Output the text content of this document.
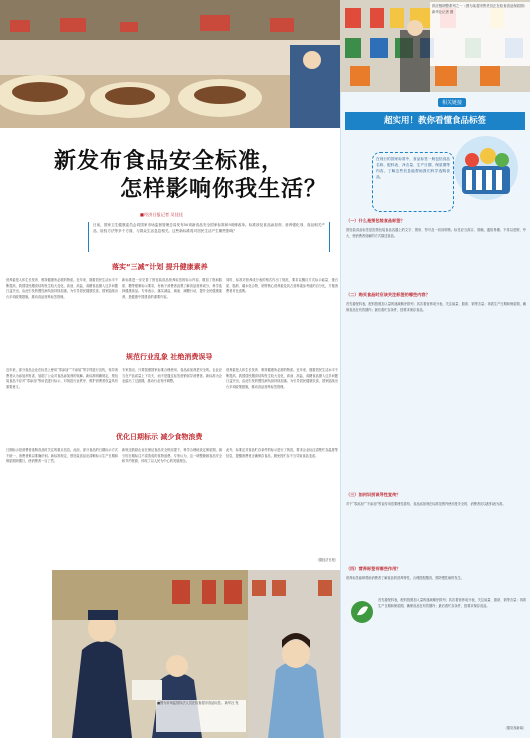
供应链调整系列之一（图为某超市售货员正在检查食品保质期）
新华社记者 摄
新发布食品安全标准，
怎样影响你我生活？
■经济日报记者 吴佳佳
日前，国家卫生健康委员会同国家市场监督管理总局发布50项新食品安全国家标准和9项修改单。标准涉及食品添加剂、营养强化剂、食品相关产品、检验方法等多个方面，与群众生活息息相关。这些新标准将对居民生活产生哪些影响？
落实“三减”计划 提升健康素养
营养素是人体生长发育、维持健康所必需的物质。近年来，随着居民生活水平不断提高，我国居民膳食结构发生较大变化，高油、高盐、高糖食品摄入过多问题日益突出，由此引发的慢性病负担持续加重。为引导居民健康饮食，国家陆续出台多项政策措施，推动食品营养标签管理。
新标准进一步完善了预包装食品营养标签的标示内容，增加了饱和脂肪、糖等强制标示要求，有助于消费者直观了解食品营养成分，科学选择健康食品。专家表示，落实减盐、减油、减糖行动，提升全民健康素养，是健康中国建设的重要内容。
同时，标准对营养成分表的格式作出了规范，要求以醒目方式标示能量、蛋白质、脂肪、碳水化合物、钠等核心营养素及其占营养素参考值的百分比，方便消费者对比选购。
规范行业乱象 社绝消费误导
近年来，部分食品企业在标签上使用“零添加”“不添加“等字样进行宣传，误导消费者认为添加剂有害，加剧了公众对食品添加剂的误解。新标准明确规定，预包装食品不应对“零添加”等用语进行标示，对规范行业秩序、维护消费者权益具有重要意义。
专家指出，只要按照国家标准合理使用，食品添加剂是安全的。企业应当在产品质量上下功夫，而不是通过标签营销误导消费者。新标准为企业留出了过渡期，推动行业有序调整。
营养素是人体生长发育、维持健康所必需的物质。近年来，随着居民生活水平不断提高，我国居民膳食结构发生较大变化，高油、高盐、高糖食品摄入过多问题日益突出，由此引发的慢性病负担持续加重。为引导居民健康饮食，国家陆续出台多项政策措施，推动食品营养标签管理。
优化日期标示 减少食物浪费
日期标示是消费者选购食品时关注的重点信息。此前，部分食品的日期标示方式不统一，消费者难以准确识别。新标准规定，预包装食品应清晰标示生产日期和保质期到期日，使消费者一目了然。
新规还鼓励企业在保证食品安全的前提下，科学合理地设定保质期，减少因日期标注不清造成的食物浪费。专家认为，这一调整兼顾食品安全和节约资源，体现了以人民为中心的发展理念。
此外，标准还对食品贮存条件的标示进行了规范，要求企业标注清楚贮存温度等信息，提醒消费者正确保存食品，避免因贮存不当导致食品变质。
（据经济日报）
■图为市场监管执法人员在检查超市食品标签。 新华社 发
相关链接
超实用！教你看懂食品标签
在现行的国家标准中，食品标签一般包括食品名称、配料表、净含量、生产日期、保质期等内容，了解这些信息能帮助我们科学选购食品。
（一）什么是预包装食品标签？
预包装食品标签是指预包装食品容器上的文字、图形、符号及一切说明物。标签应当真实、准确，通俗易懂，不得以虚假、夸大、使消费者误解的方式描述食品。
（二）购买食品时应该关注标签的哪些内容？
首先看配料表，配料按照加入量的递减顺序排列；其次看营养成分表，关注能量、脂肪、钠等含量；再看生产日期和保质期，确保食品在有效期内；最后看贮存条件，按要求保存食品。
（三）如何识别误导性宣传？
对于“零添加”“不添加”等宣传用语要理性看待，食品添加剂在标准范围内使用是安全的，消费者应以配料表为准。
（四）营养标签有哪些作用？
营养标签能够帮助消费者了解食品的营养特性，合理搭配膳食，预防慢性病的发生。
首先看配料表，配料按照加入量的递减顺序排列；其次看营养成分表，关注能量、脂肪、钠等含量；再看生产日期和保质期，确保食品在有效期内；最后看贮存条件，按要求保存食品。
（据央视新闻）
